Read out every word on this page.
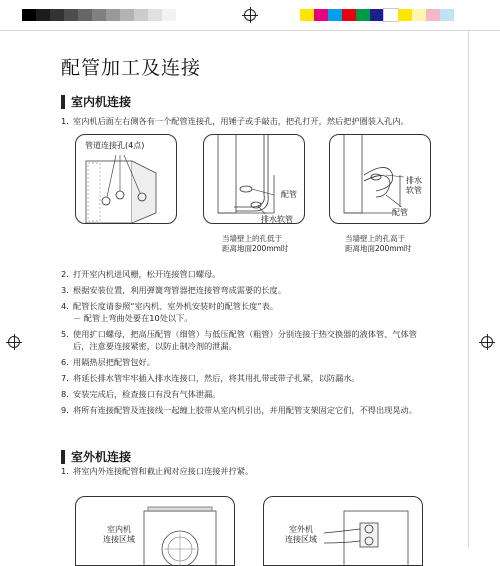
配管加工及连接
室内机连接
1. 室内机后面左右侧各有一个配管连接孔，用锤子或手敲击，把孔打开，然后把护圈装入孔内。
管道连接孔(4点)
配管
排水软管
当墙壁上的孔低于
距离地面200mm时
排水
软管
配管
当墙壁上的孔高于
距离地面200mm时
2. 打开室内机进风栅，松开连接管口螺母。
3. 根据安装位置，利用弹簧弯管器把连接管弯成需要的长度。
4. 配管长度请参照“室内机、室外机安装时的配管长度”表。
－ 配管上弯曲处要在10处以下。
5. 使用扩口螺母，把高压配管（细管）与低压配管（粗管）分别连接于热交换器的液体管、气体管
后，注意要连接紧密，以防止制冷剂的泄漏。
6. 用隔热层把配管包好。
7. 将延长排水管牢牢插入排水连接口，然后，将其用扎带或带子扎紧，以防漏水。
8. 安装完成后，检查接口有没有气体泄漏。
9. 将所有连接配管及连接线一起缠上胶带从室内机引出，并用配管支架固定它们，不得出现晃动。
室外机连接
1. 将室内外连接配管和截止阀对应接口连接并拧紧。
室内机
连接区域
室外机
连接区域
